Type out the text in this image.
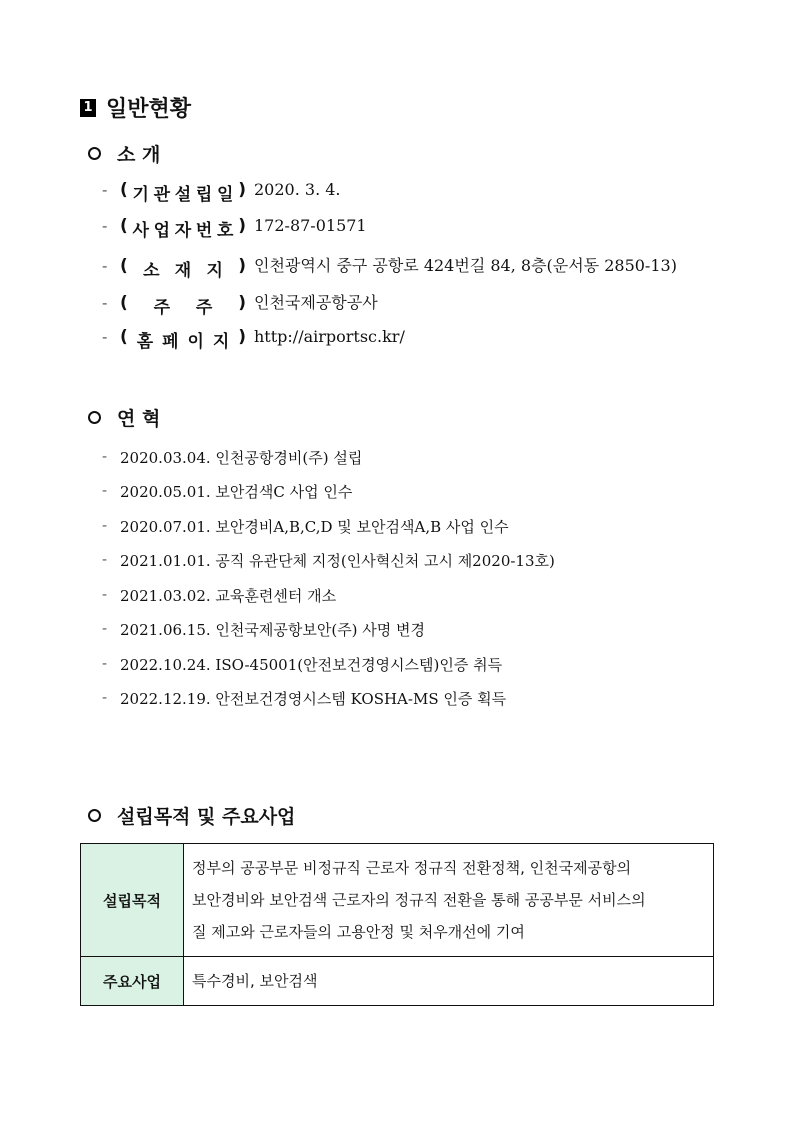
1 일반현황
소 개
- ( 기 관 설 립 일 ) 2020. 3. 4.
- ( 사 업 자 번 호 ) 172-87-01571
- ( 소 재 지 ) 인천광역시 중구 공항로 424번길 84, 8층(운서동 2850-13)
- ( 주 주 ) 인천국제공항공사
- ( 홈 페 이 지 ) http://airportsc.kr/
연 혁
- 2020.03.04. 인천공항경비(주) 설립
- 2020.05.01. 보안검색C 사업 인수
- 2020.07.01. 보안경비A,B,C,D 및 보안검색A,B 사업 인수
- 2021.01.01. 공직 유관단체 지정(인사혁신처 고시 제2020-13호)
- 2021.03.02. 교육훈련센터 개소
- 2021.06.15. 인천국제공항보안(주) 사명 변경
- 2022.10.24. ISO-45001(안전보건경영시스템)인증 취득
- 2022.12.19. 안전보건경영시스템 KOSHA-MS 인증 획득
설립목적 및 주요사업
설립목적	정부의 공공부문 비정규직 근로자 정규직 전환정책, 인천국제공항의
보안경비와 보안검색 근로자의 정규직 전환을 통해 공공부문 서비스의
질 제고와 근로자들의 고용안정 및 처우개선에 기여

주요사업	특수경비, 보안검색
